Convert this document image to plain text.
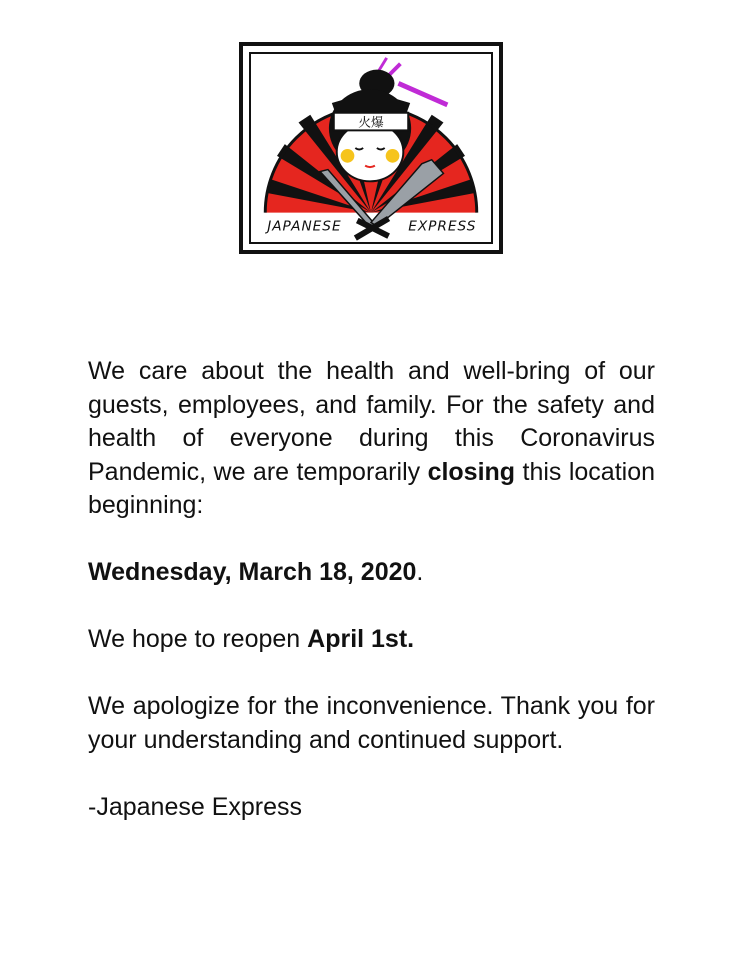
火爆
JAPANESE	EXPRESS

We care about the health and well-bring of our guests, employees, and family. For the safety and health of everyone during this Coronavirus Pandemic, we are temporarily closing this location beginning:

Wednesday, March 18, 2020.

We hope to reopen April 1st.

We apologize for the inconvenience. Thank you for your understanding and continued support.

-Japanese Express
